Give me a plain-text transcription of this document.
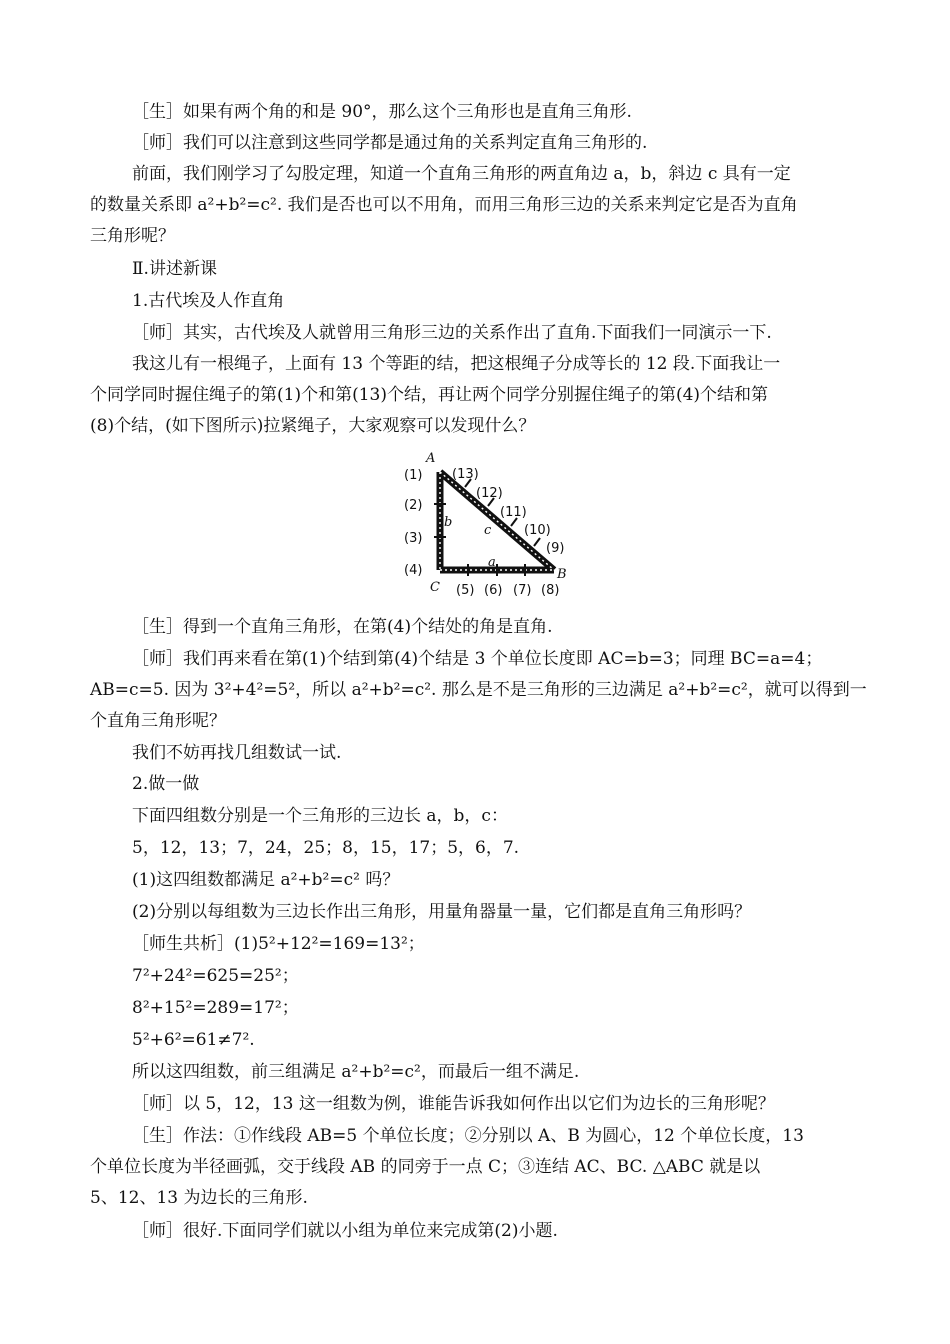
［生］如果有两个角的和是 90°，那么这个三角形也是直角三角形.
［师］我们可以注意到这些同学都是通过角的关系判定直角三角形的.
前面，我们刚学习了勾股定理，知道一个直角三角形的两直角边 a，b，斜边 c 具有一定
的数量关系即 a²+b²=c². 我们是否也可以不用角，而用三角形三边的关系来判定它是否为直角
三角形呢？
Ⅱ.讲述新课
1.古代埃及人作直角
［师］其实，古代埃及人就曾用三角形三边的关系作出了直角.下面我们一同演示一下.
我这儿有一根绳子，上面有 13 个等距的结，把这根绳子分成等长的 12 段.下面我让一
个同学同时握住绳子的第(1)个和第(13)个结，再让两个同学分别握住绳子的第(4)个结和第
(8)个结，(如下图所示)拉紧绳子，大家观察可以发现什么？
A
B
C
a
b
c
(1)
(2)
(3)
(4)
(5) (6) (7) (8)
(9)
(10)
(11)
(12)
(13)
［生］得到一个直角三角形，在第(4)个结处的角是直角.
［师］我们再来看在第(1)个结到第(4)个结是 3 个单位长度即 AC=b=3；同理 BC=a=4；
AB=c=5. 因为 3²+4²=5²，所以 a²+b²=c². 那么是不是三角形的三边满足 a²+b²=c²，就可以得到一
个直角三角形呢？
我们不妨再找几组数试一试.
2.做一做
下面四组数分别是一个三角形的三边长 a，b，c：
5，12，13；7，24，25；8，15，17；5，6，7.
(1)这四组数都满足 a²+b²=c² 吗？
(2)分别以每组数为三边长作出三角形，用量角器量一量，它们都是直角三角形吗？
［师生共析］(1)5²+12²=169=13²；
7²+24²=625=25²；
8²+15²=289=17²；
5²+6²=61≠7².
所以这四组数，前三组满足 a²+b²=c²，而最后一组不满足.
［师］以 5，12，13 这一组数为例，谁能告诉我如何作出以它们为边长的三角形呢？
［生］作法：①作线段 AB=5 个单位长度；②分别以 A、B 为圆心，12 个单位长度，13
个单位长度为半径画弧，交于线段 AB 的同旁于一点 C；③连结 AC、BC. △ABC 就是以
5、12、13 为边长的三角形.
［师］很好.下面同学们就以小组为单位来完成第(2)小题.
